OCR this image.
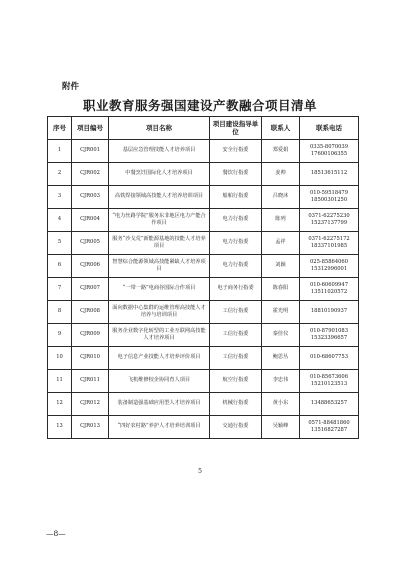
附件
职业教育服务强国建设产教融合项目清单
序号	项目编号	项目名称	项目建设指导单位	联系人	联系电话
1	CJR001	基层应急管理技能人才培养项目	安全行指委	郑爱娟	0335-8070039
17600106355

2	CJR002	中餐烹饪国际化人才培养项目	餐饮行指委	姜帅	18513615112

3	CJR003	高铁焊接领域高技能人才培养培训项目	船舶行指委	吕晓沐	010-59518479
18500301250

4	CJR004	“电力丝路学院”服务东非地区电力产能合作项目	电力行指委	陈列	0371-62275230
15237137799

5	CJR005	服务“沙戈荒”新能源基地的技能人才培养项目	电力行指委	孟祥	0371-62275172
18337101985

6	CJR006	智慧综合能源领域高技能紧缺人才培养项目	电力行指委	刘颖	025-85864060
15312996001

7	CJR007	“一带一路”电商谷国际合作项目	电子商务行指委	陈春阳	010-60609947
13511020572

8	CJR008	面向数据中心集群的运维管理高技能人才培养与培训项目	工信行指委	霍光明	18810190937

9	CJR009	服务企业数字化转型的工业互联网高技能人才培养项目	工信行指委	秦佳仪	010-87901083
15323396657

10	CJR010	电子信息产业技能人才培养评价项目	工信行指委	鲍思丛	010-68607753

11	CJR011	飞机维修校企协同育人项目	航空行指委	李忠伟	010-85673606
15210123513

12	CJR012	装备制造强基础应用型人才培养项目	机械行指委	黄小东	13488653257

13	CJR013	“四好农村路”养护人才培养培训项目	交通行指委	吴颖峰	0571-88481860
13516827287
5
—8—
